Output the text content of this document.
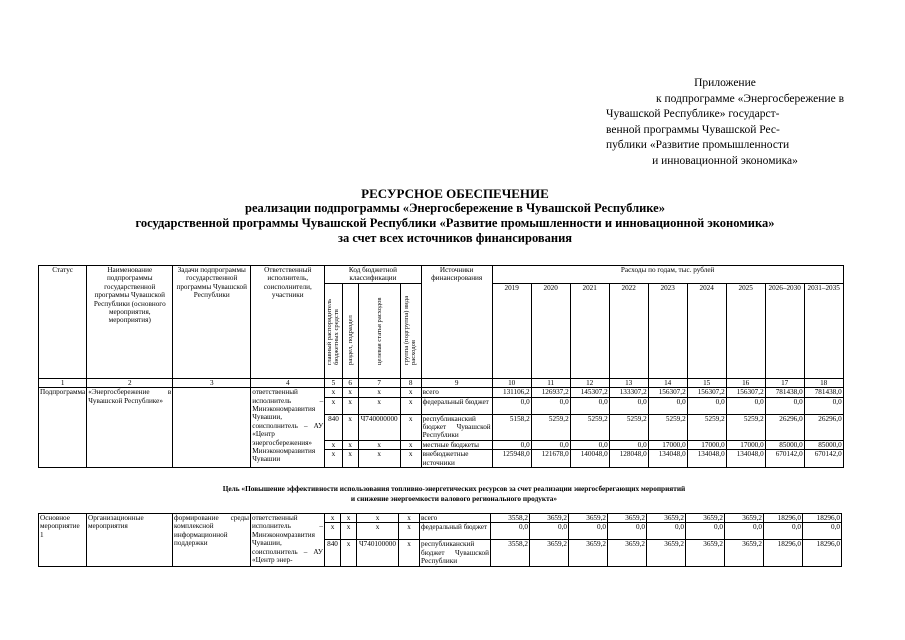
Приложение
к подпрограмме «Энергосбережение в
Чувашской Республике» государст-
венной программы Чувашской Рес-
публики «Развитие промышленности
и инновационной экономика»
РЕСУРСНОЕ ОБЕСПЕЧЕНИЕ
реализации подпрограммы «Энергосбережение в Чувашской Республике»
государственной программы Чувашской Республики «Развитие промышленности и инновационной экономика»
за счет всех источников финансирования
Статус	Наименование подпрограммы государственной программы Чувашской Республики (основного мероприятия, мероприятия)	Задачи подпрограммы государственной программы Чувашской Республики	Ответственный исполнитель, соисполнители, участники	Код бюджетной классификации				Источники финансирования	Расходы по годам, тыс. рублей								

				главный распорядитель бюджетных средств	раздел, подраздел	целевая статья расходов	группа (подгруппа) вида расходов		2019	2020	2021	2022	2023	2024	2025	2026–2030	2031–2035
1	2	3	4	5	6	7	8	9	10	11	12	13	14	15	16	17	18
Подпрограмма	«Энергосбережение в Чувашской Республике»		ответственный исполнитель – Минэкономразвития Чувашии, соисполнитель – АУ «Центр энергосбережения» Минэкономразвития Чувашии	х	х	х	х	всего	131106,2	126937,2	145307,2	133307,2	156307,2	156307,2	156307,2	781438,0	781438,0
				х	х	х	х	федеральный бюджет	0,0	0,0	0,0	0,0	0,0	0,0	0,0	0,0	0,0
				840	х	Ч740000000	х	республиканский бюджет Чувашской Республики	5158,2	5259,2	5259,2	5259,2	5259,2	5259,2	5259,2	26296,0	26296,0
				х	х	х	х	местные бюджеты	0,0	0,0	0,0	0,0	17000,0	17000,0	17000,0	85000,0	85000,0
				х	х	х	х	внебюджетные источники	125948,0	121678,0	140048,0	128048,0	134048,0	134048,0	134048,0	670142,0	670142,0
Цель «Повышение эффективности использования топливно-энергетических ресурсов за счет реализации энергосберегающих мероприятий
и снижение энергоемкости валового регионального продукта»
Основное мероприятие 1	Организационные мероприятия	формирование среды комплексной информационной поддержки	ответственный исполнитель – Минэкономразвития Чувашии, соисполнитель – АУ «Центр энер-	х	х	х	х	всего	3558,2	3659,2	3659,2	3659,2	3659,2	3659,2	3659,2	18296,0	18296,0
				х	х	х	х	федеральный бюджет	0,0	0,0	0,0	0,0	0,0	0,0	0,0	0,0	0,0
				840	х	Ч740100000	х	республиканский бюджет Чувашской Республики	3558,2	3659,2	3659,2	3659,2	3659,2	3659,2	3659,2	18296,0	18296,0
